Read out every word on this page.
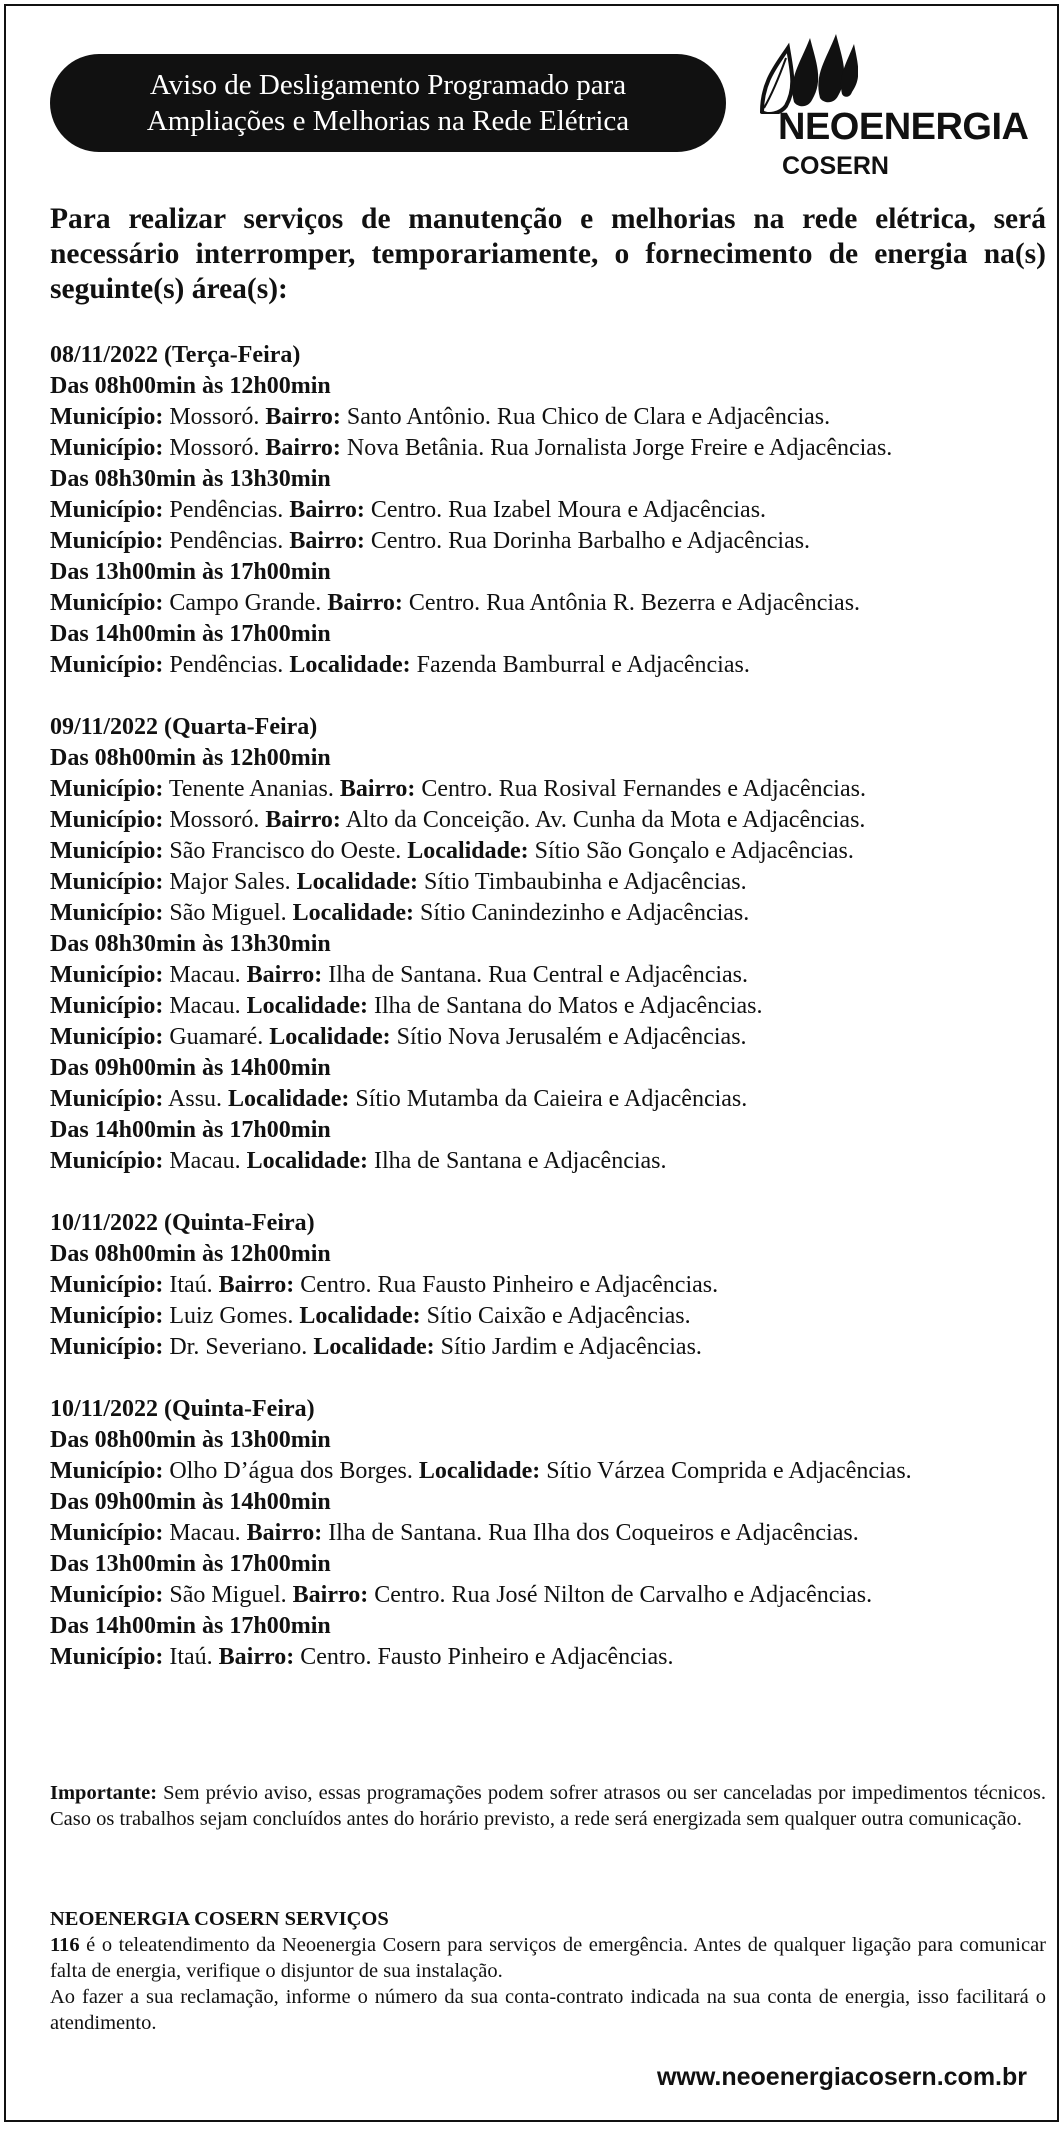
Aviso de Desligamento Programado para
Ampliações e Melhorias na Rede Elétrica	NEOENERGIA
COSERN
Para realizar serviços de manutenção e melhorias na rede elétrica, será necessário interromper, temporariamente, o fornecimento de energia na(s) seguinte(s) área(s):
08/11/2022 (Terça-Feira)
Das 08h00min às 12h00min
Município: Mossoró. Bairro: Santo Antônio. Rua Chico de Clara e Adjacências.
Município: Mossoró. Bairro: Nova Betânia. Rua Jornalista Jorge Freire e Adjacências.
Das 08h30min às 13h30min
Município: Pendências. Bairro: Centro. Rua Izabel Moura e Adjacências.
Município: Pendências. Bairro: Centro. Rua Dorinha Barbalho e Adjacências.
Das 13h00min às 17h00min
Município: Campo Grande. Bairro: Centro. Rua Antônia R. Bezerra e Adjacências.
Das 14h00min às 17h00min
Município: Pendências. Localidade: Fazenda Bamburral e Adjacências.
09/11/2022 (Quarta-Feira)
Das 08h00min às 12h00min
Município: Tenente Ananias. Bairro: Centro. Rua Rosival Fernandes e Adjacências.
Município: Mossoró. Bairro: Alto da Conceição. Av. Cunha da Mota e Adjacências.
Município: São Francisco do Oeste. Localidade: Sítio São Gonçalo e Adjacências.
Município: Major Sales. Localidade: Sítio Timbaubinha e Adjacências.
Município: São Miguel. Localidade: Sítio Canindezinho e Adjacências.
Das 08h30min às 13h30min
Município: Macau. Bairro: Ilha de Santana. Rua Central e Adjacências.
Município: Macau. Localidade: Ilha de Santana do Matos e Adjacências.
Município: Guamaré. Localidade: Sítio Nova Jerusalém e Adjacências.
Das 09h00min às 14h00min
Município: Assu. Localidade: Sítio Mutamba da Caieira e Adjacências.
Das 14h00min às 17h00min
Município: Macau. Localidade: Ilha de Santana e Adjacências.
10/11/2022 (Quinta-Feira)
Das 08h00min às 12h00min
Município: Itaú. Bairro: Centro. Rua Fausto Pinheiro e Adjacências.
Município: Luiz Gomes. Localidade: Sítio Caixão e Adjacências.
Município: Dr. Severiano. Localidade: Sítio Jardim e Adjacências.
10/11/2022 (Quinta-Feira)
Das 08h00min às 13h00min
Município: Olho D’água dos Borges. Localidade: Sítio Várzea Comprida e Adjacências.
Das 09h00min às 14h00min
Município: Macau. Bairro: Ilha de Santana. Rua Ilha dos Coqueiros e Adjacências.
Das 13h00min às 17h00min
Município: São Miguel. Bairro: Centro. Rua José Nilton de Carvalho e Adjacências.
Das 14h00min às 17h00min
Município: Itaú. Bairro: Centro. Fausto Pinheiro e Adjacências.
Importante: Sem prévio aviso, essas programações podem sofrer atrasos ou ser canceladas por impedimentos técnicos. Caso os trabalhos sejam concluídos antes do horário previsto, a rede será energizada sem qualquer outra comunicação.
NEOENERGIA COSERN SERVIÇOS
116 é o teleatendimento da Neoenergia Cosern para serviços de emergência. Antes de qualquer ligação para comunicar falta de energia, verifique o disjuntor de sua instalação.
Ao fazer a sua reclamação, informe o número da sua conta-contrato indicada na sua conta de energia, isso facilitará o atendimento.
www.neoenergiacosern.com.br
